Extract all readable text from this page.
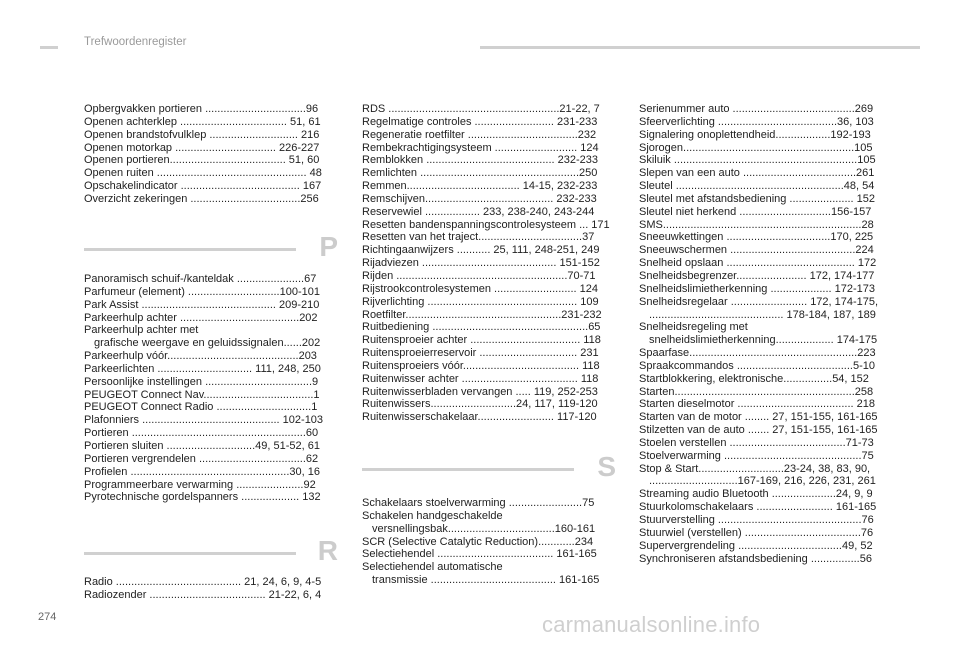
Trefwoordenregister
Opbergvakken portieren .................................96
Openen achterklep ................................... 51, 61
Openen brandstofvulklep ............................. 216
Openen motorkap ................................. 226-227
Openen portieren...................................... 51, 60
Openen ruiten ................................................. 48
Opschakelindicator ....................................... 167
Overzicht zekeringen ....................................256
P
Panoramisch schuif-/kanteldak ......................67
Parfumeur (element) ..............................100-101
Park Assist ............................................ 209-210
Parkeerhulp achter .......................................202
Parkeerhulp achter met
grafische weergave en geluidssignalen......202
Parkeerhulp vóór...........................................203
Parkeerlichten ............................... 111, 248, 250
Persoonlijke instellingen ...................................9
PEUGEOT Connect Nav....................................1
PEUGEOT Connect Radio ...............................1
Plafonniers ............................................. 102-103
Portieren .........................................................60
Portieren sluiten .............................49, 51-52, 61
Portieren vergrendelen ...................................62
Profielen ....................................................30, 16
Programmeerbare verwarming ......................92
Pyrotechnische gordelspanners ................... 132
R
Radio ......................................... 21, 24, 6, 9, 4-5
Radiozender ...................................... 21-22, 6, 4
RDS ........................................................21-22, 7
Regelmatige controles .......................... 231-233
Regeneratie roetfilter ....................................232
Rembekrachtigingsysteem ........................... 124
Remblokken .......................................... 232-233
Remlichten ....................................................250
Remmen..................................... 14-15, 232-233
Remschijven.......................................... 232-233
Reservewiel .................. 233, 238-240, 243-244
Resetten bandenspanningscontrolesysteem ... 171
Resetten van het traject..................................37
Richtingaanwijzers ........... 25, 111, 248-251, 249
Rijadviezen ............................................ 151-152
Rijden ........................................................70-71
Rijstrookcontrolesystemen ........................... 124
Rijverlichting ................................................. 109
Roetfilter...................................................231-232
Ruitbediening ...................................................65
Ruitensproeier achter .................................... 118
Ruitensproeierreservoir ................................ 231
Ruitensproeiers vóór...................................... 118
Ruitenwisser achter ...................................... 118
Ruitenwisserbladen vervangen ..... 119, 252-253
Ruitenwissers............................24, 117, 119-120
Ruitenwisserschakelaar......................... 117-120
S
Schakelaars stoelverwarming ........................75
Schakelen handgeschakelde
versnellingsbak...................................160-161
SCR (Selective Catalytic Reduction)............234
Selectiehendel ...................................... 161-165
Selectiehendel automatische
transmissie ......................................... 161-165
Serienummer auto ........................................269
Sfeerverlichting .......................................36, 103
Signalering onoplettendheid..................192-193
Sjorogen........................................................105
Skiluik ............................................................105
Slepen van een auto .....................................261
Sleutel .......................................................48, 54
Sleutel met afstandsbediening ..................... 152
Sleutel niet herkend ..............................156-157
SMS.................................................................28
Sneeuwkettingen ..................................170, 225
Sneeuwschermen .........................................224
Snelheid opslaan .......................................... 172
Snelheidsbegrenzer....................... 172, 174-177
Snelheidslimietherkenning .................... 172-173
Snelheidsregelaar ......................... 172, 174-175,
............................................ 178-184, 187, 189
Snelheidsregeling met
snelheidslimietherkenning................... 174-175
Spaarfase.......................................................223
Spraakcommandos ......................................5-10
Startblokkering, elektronische................54, 152
Starten...........................................................258
Starten dieselmotor ...................................... 218
Starten van de motor ........ 27, 151-155, 161-165
Stilzetten van de auto ....... 27, 151-155, 161-165
Stoelen verstellen ......................................71-73
Stoelverwarming .............................................75
Stop & Start............................23-24, 38, 83, 90,
.............................167-169, 216, 226, 231, 261
Streaming audio Bluetooth .....................24, 9, 9
Stuurkolomschakelaars ......................... 161-165
Stuurverstelling ...............................................76
Stuurwiel (verstellen) ......................................76
Supervergrendeling ..................................49, 52
Synchroniseren afstandsbediening ................56
274	carmanualsonline.info
